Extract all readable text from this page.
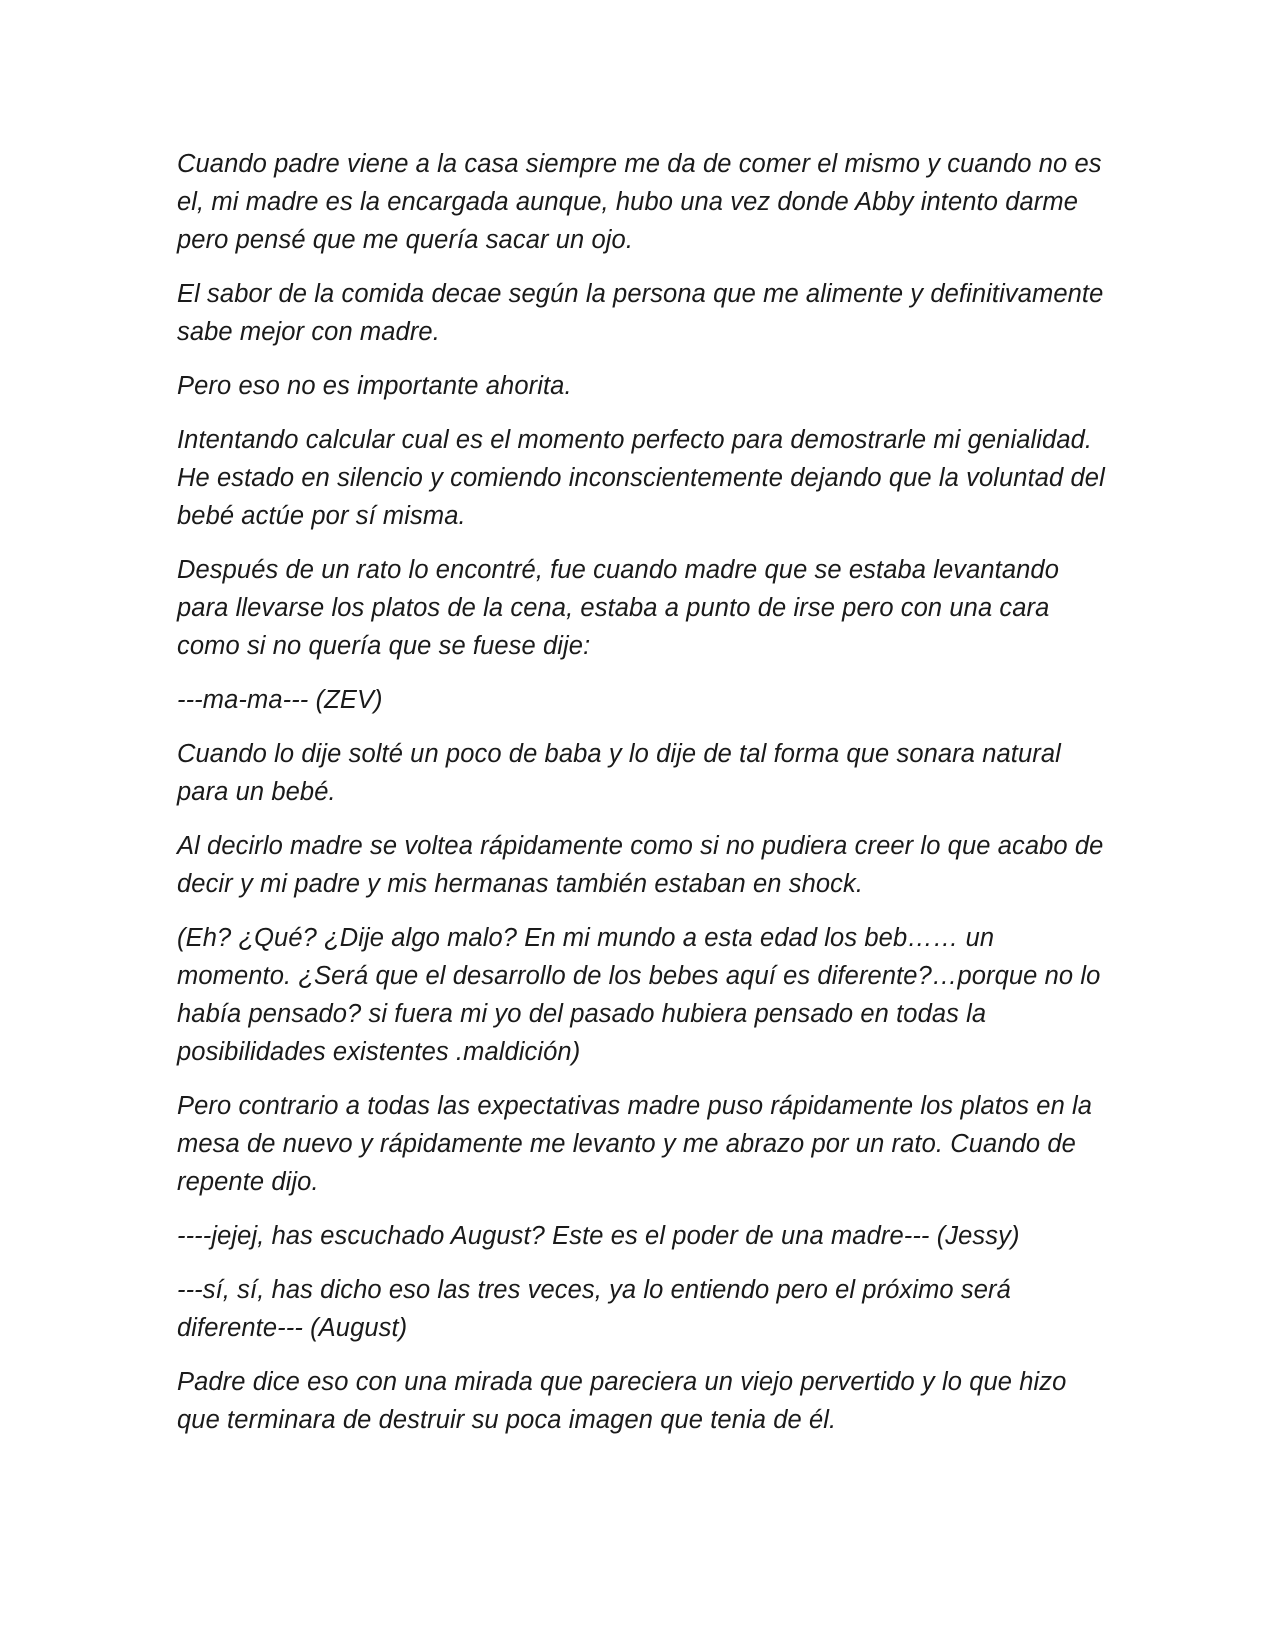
Cuando padre viene a la casa siempre me da de comer el mismo y cuando no es el, mi madre es la encargada aunque, hubo una vez donde Abby intento darme pero pensé que me quería sacar un ojo.

El sabor de la comida decae según la persona que me alimente y definitivamente sabe mejor con madre.

Pero eso no es importante ahorita.

Intentando calcular cual es el momento perfecto para demostrarle mi genialidad. He estado en silencio y comiendo inconscientemente dejando que la voluntad del bebé actúe por sí misma.

Después de un rato lo encontré, fue cuando madre que se estaba levantando para llevarse los platos de la cena, estaba a punto de irse pero con una cara como si no quería que se fuese dije:

---ma-ma--- (ZEV)

Cuando lo dije solté un poco de baba y lo dije de tal forma que sonara natural para un bebé.

Al decirlo madre se voltea rápidamente como si no pudiera creer lo que acabo de decir y mi padre y mis hermanas también estaban en shock.

(Eh? ¿Qué? ¿Dije algo malo? En mi mundo a esta edad los beb…… un momento. ¿Será que el desarrollo de los bebes aquí es diferente?…porque no lo había pensado? si fuera mi yo del pasado hubiera pensado en todas la posibilidades existentes .maldición)

Pero contrario a todas las expectativas madre puso rápidamente los platos en la mesa de nuevo y rápidamente me levanto y me abrazo por un rato. Cuando de repente dijo.

----jejej, has escuchado August? Este es el poder de una madre--- (Jessy)

---sí, sí, has dicho eso las tres veces, ya lo entiendo pero el próximo será diferente--- (August)

Padre dice eso con una mirada que pareciera un viejo pervertido y lo que hizo que terminara de destruir su poca imagen que tenia de él.
